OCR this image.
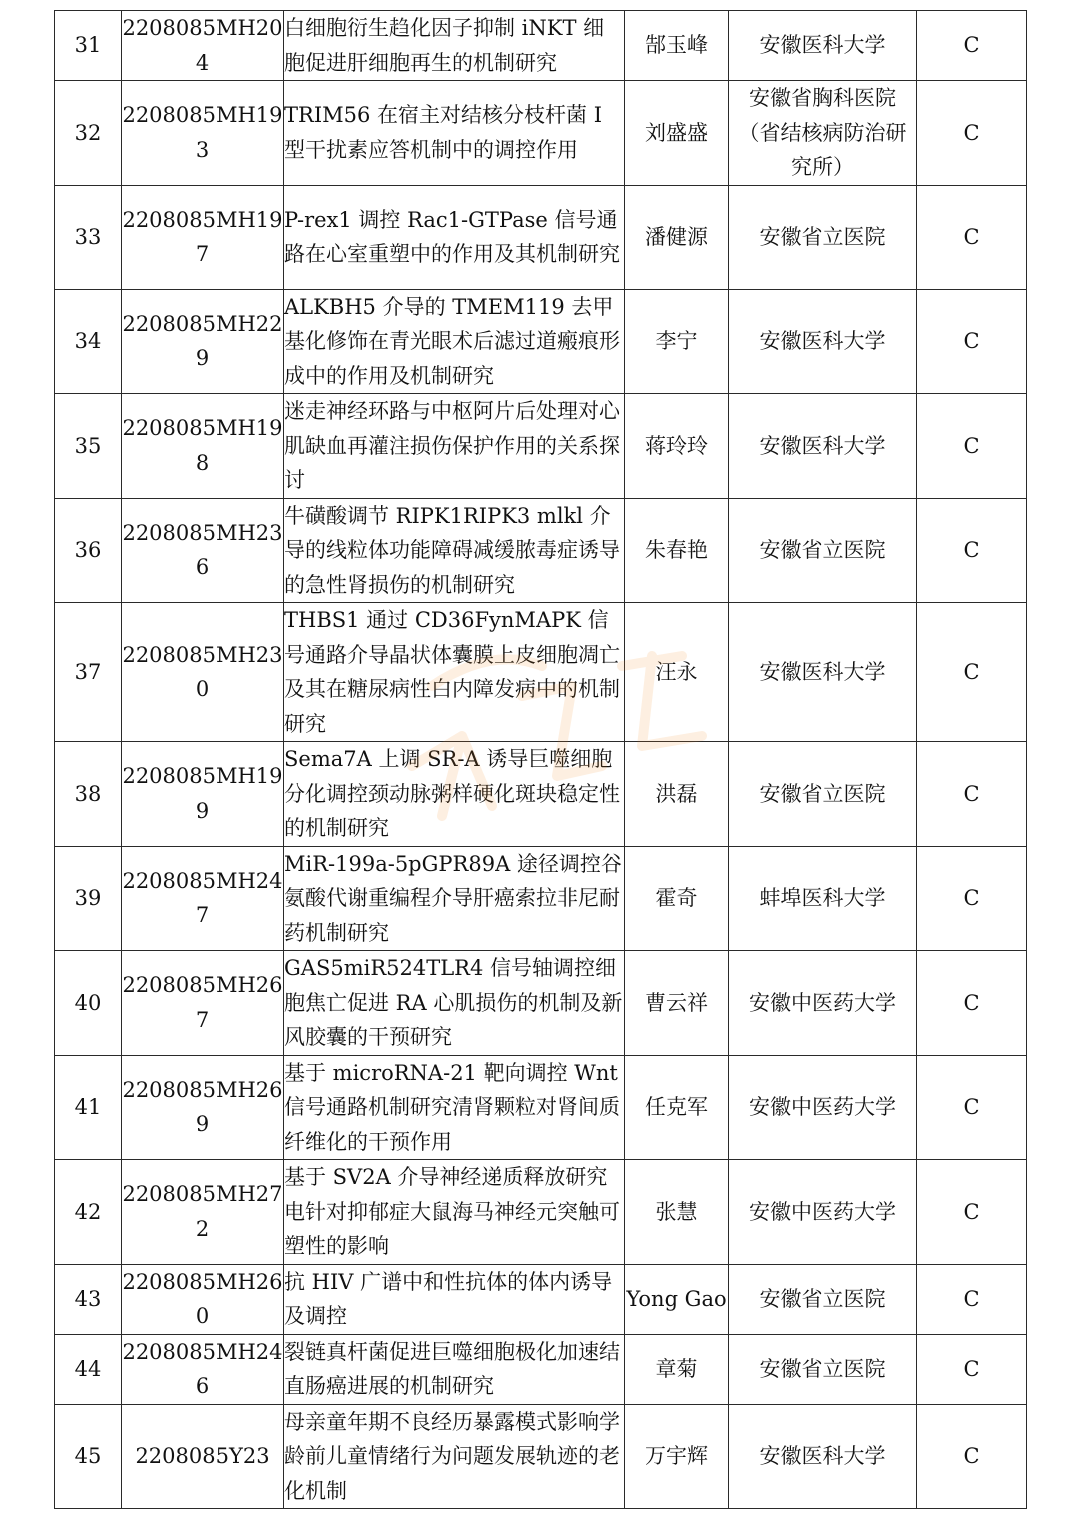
31	2208085MH204	白细胞衍生趋化因子抑制 iNKT 细胞促进肝细胞再生的机制研究	郜玉峰	安徽医科大学	C
32	2208085MH193	TRIM56 在宿主对结核分枝杆菌 I 型干扰素应答机制中的调控作用	刘盛盛	安徽省胸科医院（省结核病防治研究所）	C
33	2208085MH197	P-rex1 调控 Rac1-GTPase 信号通路在心室重塑中的作用及其机制研究	潘健源	安徽省立医院	C
34	2208085MH229	ALKBH5 介导的 TMEM119 去甲基化修饰在青光眼术后滤过道瘢痕形成中的作用及机制研究	李宁	安徽医科大学	C
35	2208085MH198	迷走神经环路与中枢阿片后处理对心肌缺血再灌注损伤保护作用的关系探讨	蒋玲玲	安徽医科大学	C
36	2208085MH236	牛磺酸调节 RIPK1RIPK3 mlkl 介导的线粒体功能障碍减缓脓毒症诱导的急性肾损伤的机制研究	朱春艳	安徽省立医院	C
37	2208085MH230	THBS1 通过 CD36FynMAPK 信号通路介导晶状体囊膜上皮细胞凋亡及其在糖尿病性白内障发病中的机制研究	汪永	安徽医科大学	C
38	2208085MH199	Sema7A 上调 SR-A 诱导巨噬细胞分化调控颈动脉粥样硬化斑块稳定性的机制研究	洪磊	安徽省立医院	C
39	2208085MH247	MiR-199a-5pGPR89A 途径调控谷氨酸代谢重编程介导肝癌索拉非尼耐药机制研究	霍奇	蚌埠医科大学	C
40	2208085MH267	GAS5miR524TLR4 信号轴调控细胞焦亡促进 RA 心肌损伤的机制及新风胶囊的干预研究	曹云祥	安徽中医药大学	C
41	2208085MH269	基于 microRNA-21 靶向调控 Wnt 信号通路机制研究清肾颗粒对肾间质纤维化的干预作用	任克军	安徽中医药大学	C
42	2208085MH272	基于 SV2A 介导神经递质释放研究电针对抑郁症大鼠海马神经元突触可塑性的影响	张慧	安徽中医药大学	C
43	2208085MH260	抗 HIV 广谱中和性抗体的体内诱导及调控	Yong Gao	安徽省立医院	C
44	2208085MH246	裂链真杆菌促进巨噬细胞极化加速结直肠癌进展的机制研究	章菊	安徽省立医院	C
45	2208085Y23	母亲童年期不良经历暴露模式影响学龄前儿童情绪行为问题发展轨迹的老化机制	万宇辉	安徽医科大学	C
